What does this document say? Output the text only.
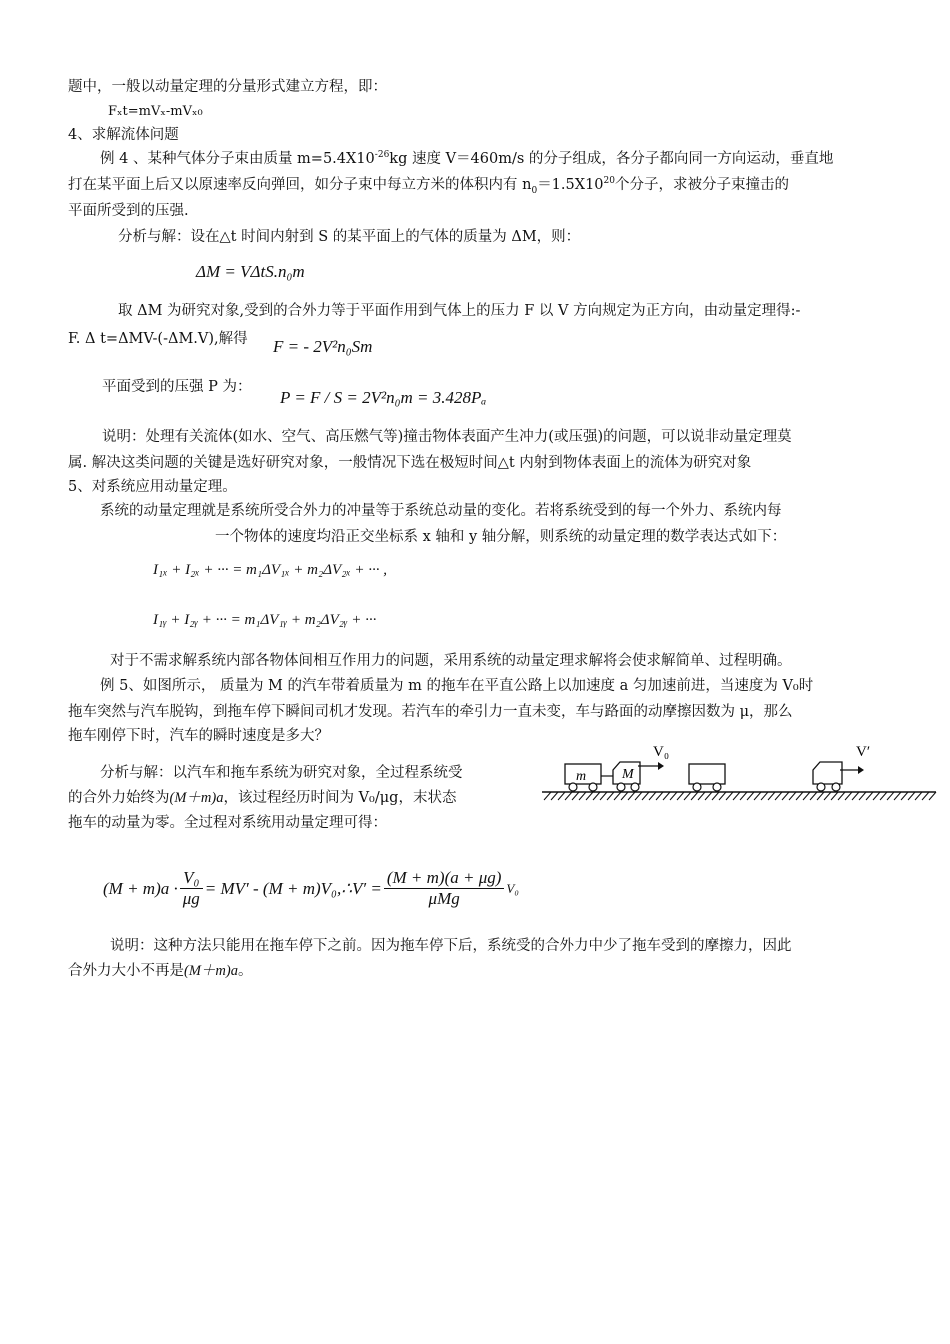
题中，一般以动量定理的分量形式建立方程，即：
Fₓt=mVₓ-mVₓ₀
4、求解流体问题
例 4 、某种气体分子束由质量 $m=5.4X10^{-26}kg$ 速度 V＝460m/s 的分子组成，各分子都向同一方向运动，垂直地
打在某平面上后又以原速率反向弹回，如分子束中每立方米的体积内有 $n_0=1.5X10^{20}$个分子，求被分子束撞击的
平面所受到的压强.
分析与解：设在△t 时间内射到 S 的某平面上的气体的质量为 ΔM，则：
ΔM = VΔtS.n₀m
取 ΔM 为研究对象,受到的合外力等于平面作用到气体上的压力 F 以 V 方向规定为正方向，由动量定理得:-
F. Δ t=ΔMV-(-ΔM.V),解得 F = - 2V²n₀Sm
平面受到的压强 P 为：
P = F / S = 2V²n₀m = 3.428Pₐ
说明：处理有关流体(如水、空气、高压燃气等)撞击物体表面产生冲力(或压强)的问题，可以说非动量定理莫
属. 解决这类问题的关键是选好研究对象，一般情况下选在极短时间△t 内射到物体表面上的流体为研究对象
5、对系统应用动量定理。
系统的动量定理就是系统所受合外力的冲量等于系统总动量的变化。若将系统受到的每一个外力、系统内每
一个物体的速度均沿正交坐标系 x 轴和 y 轴分解，则系统的动量定理的数学表达式如下：
I₁ₓ + I₂ₓ + ··· = m₁ΔV₁ₓ + m₂ΔV₂ₓ + ··· ,
I₁ᵧ + I₂ᵧ + ··· = m₁ΔV₁ᵧ + m₂ΔV₂ᵧ + ···
对于不需求解系统内部各物体间相互作用力的问题，采用系统的动量定理求解将会使求解简单、过程明确。
例 5、如图所示， 质量为 M 的汽车带着质量为 m 的拖车在平直公路上以加速度 a 匀加速前进，当速度为 V₀时
拖车突然与汽车脱钩，到拖车停下瞬间司机才发现。若汽车的牵引力一直未变，车与路面的动摩擦因数为 μ，那么
拖车刚停下时，汽车的瞬时速度是多大？
分析与解：以汽车和拖车系统为研究对象，全过程系统受
的合外力始终为(M＋m)a，该过程经历时间为 V₀/μg，末状态
拖车的动量为零。全过程对系统用动量定理可得：
V₀	V′
m	M
$(M + m)a \cdot \frac{\text{V₀}}{\mu g} = MV' - (M$ + m)V₀,∴V′ = $\frac{(M + m)(a + \mu g)}{\text{μMg}} V_0$
说明：这种方法只能用在拖车停下之前。因为拖车停下后，系统受的合外力中少了拖车受到的摩擦力，因此
合外力大小不再是(M＋m)a。
